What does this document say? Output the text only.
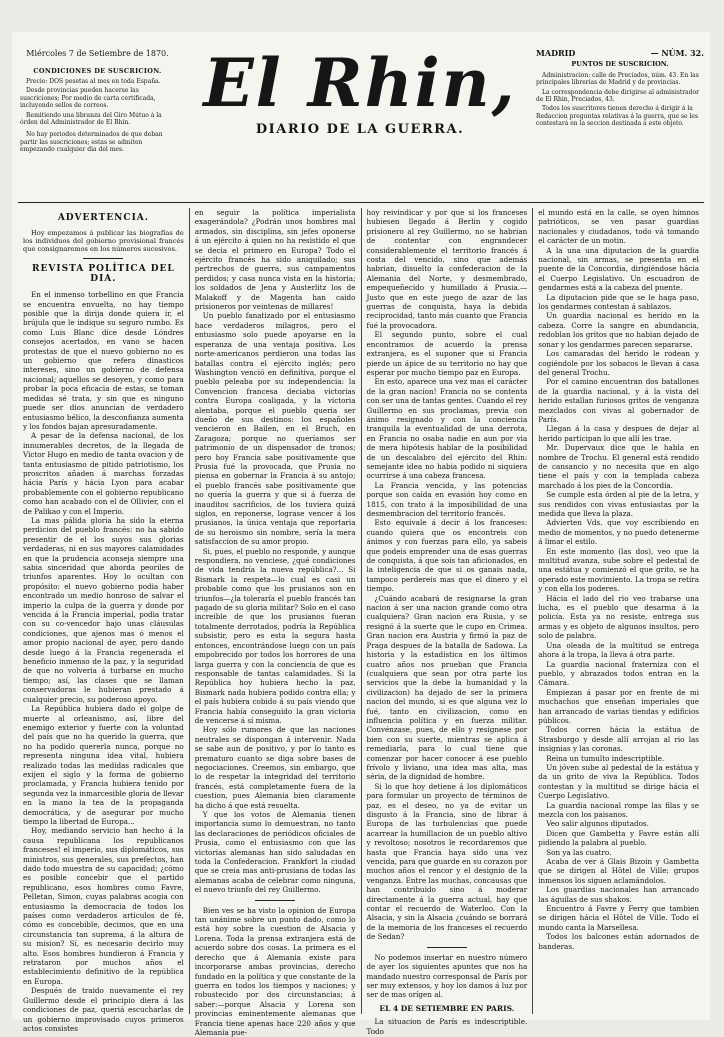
Miércoles 7 de Setiembre de 1870.
CONDICIONES DE SUSCRICION.

Precio: DOS pesetas al mes en toda España.

Desde provincias pueden hacerse las suscriciones: Por medio de carta certificada, incluyendo sellos de correos.

Remitiendo una libranza del Giro Mútuo á la órden del Administrador de El Rhin.

No hay periodos determinados de que deban partir las suscriciones; estas se admiten empezando cualquier dia del mes.

El Rhin,
DIARIO DE LA GUERRA.
MADRID	— NÚM. 32.
PUNTOS DE SUSCRICION.

Administracion: calle de Preciados, núm. 43. En las principales librerías de Madrid y de provincias.

La correspondencia debe dirigirse al administrador de El Rhin, Preciados, 43.

Todos los suscritores tienen derecho á dirigir á la Redaccion preguntas relativas á la guerra, que se les contestará en la seccion destinada á este objeto.

ADVERTENCIA.

Hoy empezamos á publicar las biografías de los individuos del gobierno provisional francés que consignaremos en los números sucesivos.

REVISTA POLÍTICA DEL DIA.

En el inmenso torbellino en que Francia se encuentra envuelta, no hay tiempo posible que la dirija donde quiera ir, el brújula que le indique su seguro rumbo. Es como Luis Blanc dice desde Lóndres consejos acertados, en vano se hacen protestas de que el nuevo gobierno no es un gobierno que refera dinasticos intereses, sino un gobierno de defensa nacional; aquellos se desoyen, y como para probar la poca eficacia de estas, se toman medidas sé trata, y sin que es ninguno puede ser dios anuncian de verdadero entusiasmo bélico, la desconfianza aumenta y los fondos bajan apresuradamente.

A pesar de la defensa nacional, de los innumerables decretos, de la llegada de Victor Hugo en medio de tanta ovacion y de tanta entusiasmo de pitido patriotismo, los proscritos añaden á marchas forzadas hácia París y hácia Lyon para acabar probablemente con el gobierno republicano como han acabado con el de Ollivier, con el de Palikao y con el Imperio.

La mas pálida gloria ha sido la eterna perdicion del pueblo francés: no ha sabido presentir de el los suyos sus glorias verdaderas, ni en sus mayores calamidades en que la prudencia aconseja siempre una sabia sinceridad que aborda peoriles de triunfos aparentes. Hoy lo ocultan con propósito: el nuevo gobierno podia haber encontrado un medio honroso de salvar el imperio la culpa de la guerra y donde por vencida á la Francia imperial, podia tratar con su co-vencedor bajo unas cláusulas condiciones, que ajenos mas ó menos el amor propio nacional de ayer, pero dando desde luego á la Francia regenerada el beneficio inmenso de la paz, y la seguridad de que no volveria á turbarse en mucho tiempo; así, las clases que se llaman conservadoras le hubieran prestado á cualquier precio, su poderoso apoyo.

La República hubiera dado el golpe de muerte al orleanismo, así, libre del enemigo exterior y fuerte con la voluntad del país que no ha querido la guerra, que no ha podido quererla nunca, porque no representa ninguna idea vital, hubiera realizado todas las medidas radicales que exijen el siglo y la forma de gobierno proclamada, y Francia hubiera tenido por segunda vez la inmarcesible gloria de llevar en la mano la tea de la propaganda democrática, y de asegurar por mucho tiempo la libertad de Europa...

Hoy, mediando servicio han hecho á la causa republicana los republicanos franceses! el imperio, sus diplomáticos, sus ministros, sus generales, sus prefectos, han dado todo muestra de su capacidad; ¿cómo es posible concebir que el partido republicano, esos hombres como Favre, Pelletan, Simon, cuyas palabras acogia con entusiasmo la democracia de todos los países como verdaderos articulos de fé, cómo es concebible, decimos, que en una circunstancia tan suprema, á la altura de su mision? Sí, es necesario decirlo muy alto. Esos hombres hundieron á Francia y retrataron por muchos años el establecimiento definitivo de la república en Europa.

Después de traido nuevamente el rey Guillermo desde el principio diera á las condiciones de paz, queriá escucharlas de un gobierno improvisado cuyos primeros actos consistes

en seguir la política imperialista exagerándola? ¿Podrán unos hombres mal armados, sin disciplina, sin jefes oponerse á un ejército á quien no ha resistido el que se decia el primero en Europa? Todo el ejército francés ha sido aniquilado; sus pertrechos de guerra, sus campamentos perdidos; y casa nunca vista en la historia; los soldados de Jena y Austerlitz los de Malakoff y de Magenta han caido prisioneros por veintenas de millares!

Un pueblo fanatizado por el entusiasmo hace verdaderos milagros, pero el entusiasmo solo puede apoyarse en la esperanza de una ventaja positiva. Los norte-americanos perdieron una todas las batallas contra el ejército inglés; pero Washington venció en definitiva, porque el pueblo peleaba por su independencia: la Convencion francesa deciaba victorias contra Europa coaligada, y la victoria alentaba, porque el pueblo queria ser dueño de sus destinos: los españoles vencieron en Bailen, en el Bruch, en Zaragoza; porque no queríamos ser patrimonio de un dispensador de tronos; pero hoy Francia sabe positivamente que Prusia fué la provocada, que Prusia no piensa en gobernar la Francia á su antojo; el pueblo francés sabe positivamente que no quería la guerra y que si á fuerza de inauditos sacrificios, de los tuviera quizá siglos, en reponerse, lograse vencer á los prusianos, la única ventaja que reportaria de su heroismo sin nombre, sería la mera satisfaccion de su amor propio.

Si, pues, el pueblo no responde, y aunque respondiera, no venciese, ¿qué condiciones de vida tendría la nueva república?... Si Bismark la respeta—lo cual es casi un probable como que los prusianos son en triunfos—¿la toleraría el pueblo francés tan pagado de su gloria militar? Solo en el caso increible de que los prusianos fueran totalmente derrotados, podría la República subsistir, pero es esta la segura hasta entonces, encontrándose luego con un país empobrecido por todos los horrores de una larga guerra y con la conciencia de que es responsable de tantas calamidades. Si la República hoy hubiera hecho la paz, Bismark nada hubiera podido contra ella; y el país hubiera cobido á su país viendo que Francia había conseguido la gran victoria de vencerse á sí misma.

Hoy sólo rumores de que las naciones neutrales se dispongan á intervenir. Nada se sabe aun de positivo, y por lo tanto es prematuro cuanto se diga sobre bases de negociaciones. Creemos, sin embargo, que lo de respetar la integridad del territorio francés, está completamente fuera de la cuestion, pues Alemania bien claramente ha dicho á que está resuelta.

Y que los votos de Alemania tienen importancia sumo lo demuestran, no tanto las declaraciones de periódicos oficiales de Prusia, como el entusiasmo con que las victorias alemanas han sido saludadas en toda la Confederacion. Frankfort la ciudad que se creia mas anti-prusiana de todas las alemanas acaba de celebrar como ninguna, el nuevo triunfo del rey Guillermo.

Bien ves se ha visto la opinion de Europa tan unánime sobre un punto dado, como lo está hoy sobre la cuestion de Alsacia y Lorena. Toda la prensa extranjera está de acuerdo sobre dos cosas. La primera es el derecho que á Alemania existe para incorporarse ambas provincias, derecho fundado en la política y que constante de la guerra en todos los tiempos y naciones; y robustecido por dos circunstancias; á saber:—porque Alsacia y Lorena son provincias eminentemente alemanas que Francia tiene apenas hace 220 años y que Alemania pue-

hoy reivindicar y por que si los franceses hubiesen llegado á Berlin y cogido prisionero al rey Guillermo, no se habrian de contentar con engrandecer considerablemente el territorio francés á costa del vencido, sino que además habrian, disuelto la confederacion de la Alemania del Norte, y desmembrado, empequeñecido y humillado á Prusia.—Justo que en este juego de azar de las guerras de conquista, haya la debida reciprocidad, tanto más cuanto que Francia fué la provocadora.

El segundo punto, sobre el cual encontramos de acuerdo la prensa extranjera, es el suponer que si Francia pierde un ápice de su territorio no hay que esperar por mucho tiempo paz en Europa.

En esto, aparece una vez mas el carácter de la gran nacion! Francia no se contenta con ser una de tantas gentes. Cuando el rey Guillermo en sus proclamas, previa con ánimo resignado y con la conciencia tranquila la eventualidad de una derrota, en Francia no osaba nadie en aun por via de mera hipótesis hablar de la posibilidad de un descalabro del ejército del Rhin: semejante idea no habia podido ni siquiera ocurrirse á una cabeza francesa.

La Francia vencida, y las potencias porque son caída en evasión hoy como en 1815, con trato á la imposibilidad de una desmembracion del territorio francés.

Esto equivale á decir á los franceses: cuando quiera que os encontreis con ánimos y con fuerzas para ello, ya sabeis que podeis emprender una de esas guerras de conquista, á que sois tan aficionados, en la inteligencia de que si os ganais nada, tampoco perdereis mas que el dinero y el tiempo.

¿Cuándo acabará de resignarse la gran nacion á ser una nacion grande como otra cualquiera? Gran nacion era Rusia, y se resignó á la suerte que le cupo en Crimea. Gran nacion era Austria y firmó la paz de Praga despues de la batalla de Sadowa. La historia y la estadística en los últimos cuatro años nos prueban que Francia (cualquiera que sean por otra parte los servicios que la debe la humanidad y la civilizacion) ha dejado de ser la primera nacion del mundo, si es que alguna vez lo fué, tanto en civilizacion, como en influencia política y en fuerza militar. Convénzase, pues, de ello y resígnese por bien con su suerte, mientras se aplica á remediarla, para lo cual tiene que comenzar por hacer conocer á ese pueblo frívolo y liviano, una idea mas alta, mas séria, de la dignidad de hombre.

Si lo que hoy detiene á los diplomáticos para formular un proyecto de términos de paz, es el deseo, no ya de evitar un disgusto á la Francia, sino de librar á Europa de las turbulencias que puede acarrear la humillacion de un pueblo altivo y revoltoso; nosotros le recordaremos que hasta que Francia haya sido una vez vencida, para que guarde en su corazon por muchos años el rencor y el designio de la venganza. Entre las muchas, concausas que han contribuido sino á moderar directamente á la guerra actual, hay que contar el recuerdo de Waterloo. Con la Alsacia, y sin la Alsacia ¿cuándo se borrará de la memoria de los franceses el recuerdo de Sedan?

No podemos insertar en nuestro número de ayer los siguientes apuntes que nos ha mandado nuestro corresponsal de París por ser muy extensos, y hoy los damos á luz por ser de mas orígen al.

EL 4 DE SETIEMBRE EN PARIS.

La situacion de París es indescriptible. Todo

el mundo está en la calle, se oyen himnos patrióticos, se ven pasar guardias nacionales y ciudadanos, todo vá tomando el carácter de un motin.

A la una una diputacion de la guardia nacional, sin armas, se presenta en el puente de la Concordia, dirigiéndose hácia el Cuerpo Legislativo. Un escuadron de gendarmes está a la cabeza del puente.

La diputacion pide que se le haga paso, los gendarmes contestan á sablazos.

Un guardia nacional es herido en la cabeza. Corre la sangre en abundancia, redoblan los gritos que no habian dejado de sonar y los gendarmes parecen separarse.

Los camaradas del herido le rodean y cogiéndole por los sobacos le llevan á casa del general Trochu.

Por el camino encuentran dos batallones de la guardia nacional, y á la vista del herido estallan furiosos gritos de venganza mezclados con vivas al gobernador de París.

Llegan á la casa y despues de dejar al herido participan lo que allí les trae.

Mr. Dupervaux dice que le habla en nombre de Trochu. El general está rendido de cansancio y no necesita que en algo tiene el país y con la templada cabeza marchado á los pies de la Concordia.

Se cumple esta órden al pie de la letra, y sus rendidos con vivas entusiastas por la medida que lleva la plaza.

Advierten Vds. que voy escribiendo en medio de momentos, y no puedo detenerme á limar el estilo.

En este momento (las dos), veo que la multitud avanza, sube sobre el pedestal de una estátua y comienzó el que grito, se ha operado este movimiento. La tropa se retira y con ella los poderes.

Hácia el lado del rio veo trabarse una lucha, es el pueblo que desarma á la policía. Esta ya no resiste, entrega sus armas y es objeto de algunos insultos, pero solo de palabra.

Una oleada de la multitud se entrega ahora á la tropa, la lleva á otra parte.

La guardia nacional fraterniza con el pueblo, y abrazados todos entran en la Cámara.

Empiezan á pasar por en frente de mi muchachos que enseñan imperiales que han arrancado de varias tiendas y edificios públicos.

Todos corren hácia la estátua de Strasburgo y desde allí arrojan al rio las insignias y las coronas.

Reina un tumulto indescriptible.

Un jóven sube al pedestal de la estátua y da un grito de viva la República. Todos contestan y la multitud se dirige hácia el Cuerpo Legislativo.

La guardia nacional rompe las filas y se mezcla con los paisanos.

Veo salir algunos diputados.

Dicen que Gambetta y Favre están allí pidiendo la palabra al pueblo.

Son ya las cuatro.

Acaba de ver á Glais Bizoin y Gambetta que se dirigen al Hôtel de Ville; grupos inmensos los siguen aclamándolos.

Los guardias nacionales han arrancado las águilas de sus shakos.

Encuentro á Favre y Ferry que tambien se dirigen hácia el Hôtel de Ville. Todo el mundo canta la Marsellesa.

Todos los balcones están adornados de banderas.
